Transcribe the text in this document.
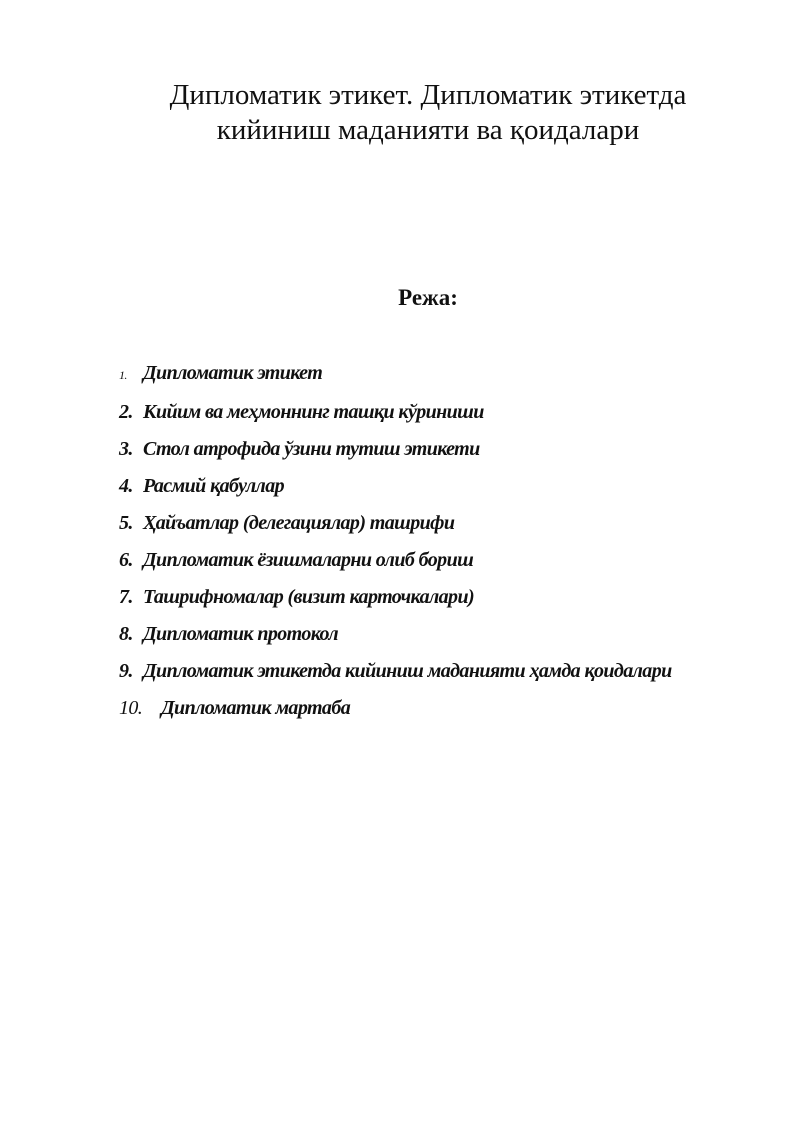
Дипломатик этикет. Дипломатик этикетда
кийиниш маданияти ва қоидалари
Режа:
1. Дипломатик этикет
2. Кийим ва меҳмоннинг ташқи кўриниши
3. Стол атрофида ўзини тутиш этикети
4. Расмий қабуллар
5. Ҳайъатлар (делегациялар) ташрифи
6. Дипломатик ёзишмаларни олиб бориш
7. Ташрифномалар (визит карточкалари)
8. Дипломатик протокол
9. Дипломатик этикетда кийиниш маданияти ҳамда қоидалари
10. Дипломатик мартаба
